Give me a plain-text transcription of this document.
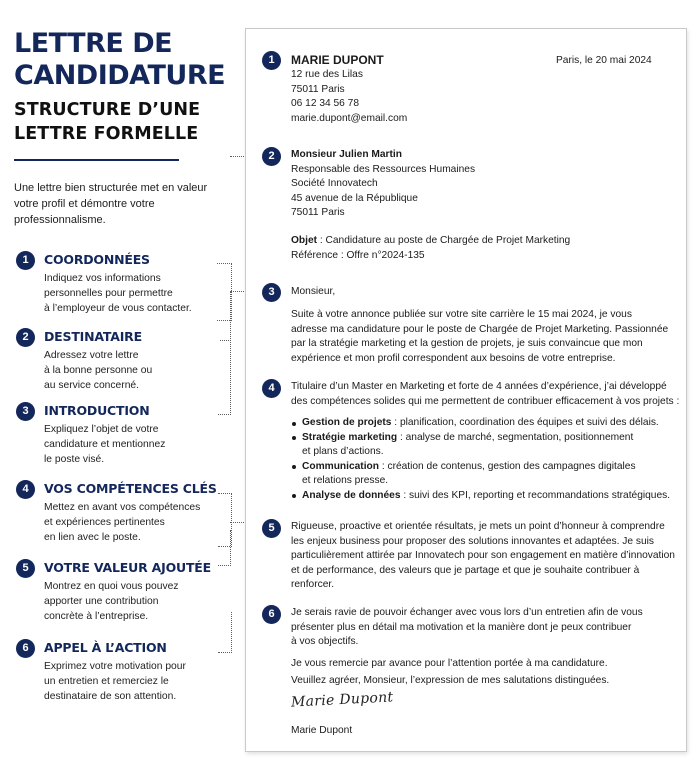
LETTRE DE
CANDIDATURE
STRUCTURE D’UNE
LETTRE FORMELLE

Une lettre bien structurée met en valeur votre profil et démontre votre professionnalisme.

1	COORDONNÉES
Indiquez vos informations
personnelles pour permettre
à l’employeur de vous contacter.
2	DESTINATAIRE
Adressez votre lettre
à la bonne personne ou
au service concerné.
3	INTRODUCTION
Expliquez l’objet de votre
candidature et mentionnez
le poste visé.
4	VOS COMPÉTENCES CLÉS
Mettez en avant vos compétences
et expériences pertinentes
en lien avec le poste.
5	VOTRE VALEUR AJOUTÉE
Montrez en quoi vous pouvez
apporter une contribution
concrète à l’entreprise.
6	APPEL À L’ACTION
Exprimez votre motivation pour
un entretien et remerciez le
destinataire de son attention.
1
2
3
4
5
6
MARIE DUPONT
12 rue des Lilas
75011 Paris
06 12 34 56 78
marie.dupont@email.com
Paris, le 20 mai 2024
Monsieur Julien Martin
Responsable des Ressources Humaines
Société Innovatech
45 avenue de la République
75011 Paris
Objet : Candidature au poste de Chargée de Projet Marketing
Référence : Offre n°2024-135
Monsieur,
Suite à votre annonce publiée sur votre site carrière le 15 mai 2024, je vous
adresse ma candidature pour le poste de Chargée de Projet Marketing. Passionnée
par la stratégie marketing et la gestion de projets, je suis convaincue que mon
expérience et mon profil correspondent aux besoins de votre entreprise.
Titulaire d’un Master en Marketing et forte de 4 années d’expérience, j’ai développé
des compétences solides qui me permettent de contribuer efficacement à vos projets :
Gestion de projets : planification, coordination des équipes et suivi des délais.
Stratégie marketing : analyse de marché, segmentation, positionnement
et plans d’actions.
Communication : création de contenus, gestion des campagnes digitales
et relations presse.
Analyse de données : suivi des KPI, reporting et recommandations stratégiques.
Rigueuse, proactive et orientée résultats, je mets un point d’honneur à comprendre
les enjeux business pour proposer des solutions innovantes et adaptées. Je suis
particulièrement attirée par Innovatech pour son engagement en matière d’innovation
et de performance, des valeurs que je partage et que je souhaite contribuer à
renforcer.
Je serais ravie de pouvoir échanger avec vous lors d’un entretien afin de vous
présenter plus en détail ma motivation et la manière dont je peux contribuer
à vos objectifs.
Je vous remercie par avance pour l’attention portée à ma candidature.
Veuillez agréer, Monsieur, l’expression de mes salutations distinguées.
Marie Dupont
Marie Dupont
